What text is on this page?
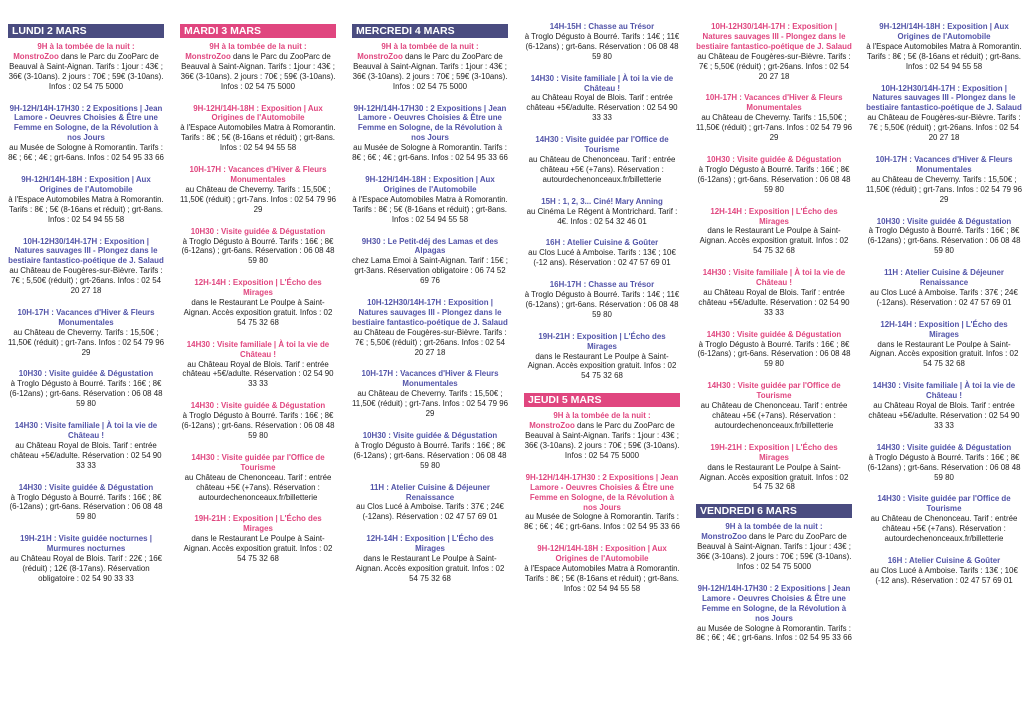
LUNDI 2 MARS
9H à la tombée de la nuit :
MonstroZoo dans le Parc du ZooParc de Beauval à Saint-Aignan. Tarifs : 1jour : 43€ ; 36€ (3-10ans). 2 jours : 70€ ; 59€ (3-10ans). Infos : 02 54 75 5000
9H-12H/14H-17H30 : 2 Expositions | Jean Lamore - Oeuvres Choisies & Être une Femme en Sologne, de la Révolution à nos Jours
au Musée de Sologne à Romorantin. Tarifs : 8€ ; 6€ ; 4€ ; grt-6ans. Infos : 02 54 95 33 66
9H-12H/14H-18H : Exposition | Aux Origines de l'Automobile
à l'Espace Automobiles Matra à Romorantin. Tarifs : 8€ ; 5€ (8-16ans et réduit) ; grt-8ans. Infos : 02 54 94 55 58
10H-12H30/14H-17H : Exposition | Natures sauvages III - Plongez dans le bestiaire fantastico-poétique de J. Salaud
au Château de Fougères-sur-Bièvre. Tarifs : 7€ ; 5,50€ (réduit) ; grt-26ans. Infos : 02 54 20 27 18
10H-17H : Vacances d'Hiver & Fleurs Monumentales
au Château de Cheverny. Tarifs : 15,50€ ; 11,50€ (réduit) ; grt-7ans. Infos : 02 54 79 96 29
10H30 : Visite guidée & Dégustation
à Troglo Dégusto à Bourré. Tarifs : 16€ ; 8€ (6-12ans) ; grt-6ans. Réservation : 06 08 48 59 80
14H30 : Visite familiale | À toi la vie de Château !
au Château Royal de Blois. Tarif : entrée château +5€/adulte. Réservation : 02 54 90 33 33
14H30 : Visite guidée & Dégustation
à Troglo Dégusto à Bourré. Tarifs : 16€ ; 8€ (6-12ans) ; grt-6ans. Réservation : 06 08 48 59 80
19H-21H : Visite guidée nocturnes | Murmures nocturnes
au Château Royal de Blois. Tarif : 22€ ; 16€ (réduit) ; 12€ (8-17ans). Réservation obligatoire : 02 54 90 33 33
MARDI 3 MARS
9H à la tombée de la nuit :
MonstroZoo dans le Parc du ZooParc de Beauval à Saint-Aignan. Tarifs : 1jour : 43€ ; 36€ (3-10ans). 2 jours : 70€ ; 59€ (3-10ans). Infos : 02 54 75 5000
9H-12H/14H-18H : Exposition | Aux Origines de l'Automobile
à l'Espace Automobiles Matra à Romorantin. Tarifs : 8€ ; 5€ (8-16ans et réduit) ; grt-8ans. Infos : 02 54 94 55 58
10H-17H : Vacances d'Hiver & Fleurs Monumentales
au Château de Cheverny. Tarifs : 15,50€ ; 11,50€ (réduit) ; grt-7ans. Infos : 02 54 79 96 29
10H30 : Visite guidée & Dégustation
à Troglo Dégusto à Bourré. Tarifs : 16€ ; 8€ (6-12ans) ; grt-6ans. Réservation : 06 08 48 59 80
12H-14H : Exposition | L'Écho des Mirages
dans le Restaurant Le Poulpe à Saint-Aignan. Accès exposition gratuit. Infos : 02 54 75 32 68
14H30 : Visite familiale | À toi la vie de Château !
au Château Royal de Blois. Tarif : entrée château +5€/adulte. Réservation : 02 54 90 33 33
14H30 : Visite guidée & Dégustation
à Troglo Dégusto à Bourré. Tarifs : 16€ ; 8€ (6-12ans) ; grt-6ans. Réservation : 06 08 48 59 80
14H30 : Visite guidée par l'Office de Tourisme
au Château de Chenonceau. Tarif : entrée château +5€ (+7ans). Réservation : autourdechenonceaux.fr/billetterie
19H-21H : Exposition | L'Écho des Mirages
dans le Restaurant Le Poulpe à Saint-Aignan. Accès exposition gratuit. Infos : 02 54 75 32 68
MERCREDI 4 MARS
9H à la tombée de la nuit :
MonstroZoo dans le Parc du ZooParc de Beauval à Saint-Aignan. Tarifs : 1jour : 43€ ; 36€ (3-10ans). 2 jours : 70€ ; 59€ (3-10ans). Infos : 02 54 75 5000
9H-12H/14H-17H30 : 2 Expositions | Jean Lamore - Oeuvres Choisies & Être une Femme en Sologne, de la Révolution à nos Jours
au Musée de Sologne à Romorantin. Tarifs : 8€ ; 6€ ; 4€ ; grt-6ans. Infos : 02 54 95 33 66
9H-12H/14H-18H : Exposition | Aux Origines de l'Automobile
à l'Espace Automobiles Matra à Romorantin. Tarifs : 8€ ; 5€ (8-16ans et réduit) ; grt-8ans. Infos : 02 54 94 55 58
9H30 : Le Petit-déj des Lamas et des Alpagas
chez Lama Emoi à Saint-Aignan. Tarif : 15€ ; grt-3ans. Réservation obligatoire : 06 74 52 69 76
10H-12H30/14H-17H : Exposition | Natures sauvages III - Plongez dans le bestiaire fantastico-poétique de J. Salaud
au Château de Fougères-sur-Bièvre. Tarifs : 7€ ; 5,50€ (réduit) ; grt-26ans. Infos : 02 54 20 27 18
10H-17H : Vacances d'Hiver & Fleurs Monumentales
au Château de Cheverny. Tarifs : 15,50€ ; 11,50€ (réduit) ; grt-7ans. Infos : 02 54 79 96 29
10H30 : Visite guidée & Dégustation
à Troglo Dégusto à Bourré. Tarifs : 16€ ; 8€ (6-12ans) ; grt-6ans. Réservation : 06 08 48 59 80
11H : Atelier Cuisine & Déjeuner Renaissance
au Clos Lucé à Amboise. Tarifs : 37€ ; 24€ (-12ans). Réservation : 02 47 57 69 01
12H-14H : Exposition | L'Écho des Mirages
dans le Restaurant Le Poulpe à Saint-Aignan. Accès exposition gratuit. Infos : 02 54 75 32 68
14H-15H : Chasse au Trésor
à Troglo Dégusto à Bourré. Tarifs : 14€ ; 11€ (6-12ans) ; grt-6ans. Réservation : 06 08 48 59 80
14H30 : Visite familiale | À toi la vie de Château !
au Château Royal de Blois. Tarif : entrée château +5€/adulte. Réservation : 02 54 90 33 33
14H30 : Visite guidée par l'Office de Tourisme
au Château de Chenonceau. Tarif : entrée château +5€ (+7ans). Réservation : autourdechenonceaux.fr/billetterie
15H : 1, 2, 3... Ciné! Mary Anning
au Cinéma Le Régent à Montrichard. Tarif : 4€. Infos : 02 54 32 46 01
16H : Atelier Cuisine & Goûter
au Clos Lucé à Amboise. Tarifs : 13€ ; 10€ (-12 ans). Réservation : 02 47 57 69 01
16H-17H : Chasse au Trésor
à Troglo Dégusto à Bourré. Tarifs : 14€ ; 11€ (6-12ans) ; grt-6ans. Réservation : 06 08 48 59 80
19H-21H : Exposition | L'Écho des Mirages
dans le Restaurant Le Poulpe à Saint-Aignan. Accès exposition gratuit. Infos : 02 54 75 32 68
JEUDI 5 MARS
9H à la tombée de la nuit :
MonstroZoo dans le Parc du ZooParc de Beauval à Saint-Aignan. Tarifs : 1jour : 43€ ; 36€ (3-10ans). 2 jours : 70€ ; 59€ (3-10ans). Infos : 02 54 75 5000
9H-12H/14H-17H30 : 2 Expositions | Jean Lamore - Oeuvres Choisies & Être une Femme en Sologne, de la Révolution à nos Jours
au Musée de Sologne à Romorantin. Tarifs : 8€ ; 6€ ; 4€ ; grt-6ans. Infos : 02 54 95 33 66
9H-12H/14H-18H : Exposition | Aux Origines de l'Automobile
à l'Espace Automobiles Matra à Romorantin. Tarifs : 8€ ; 5€ (8-16ans et réduit) ; grt-8ans. Infos : 02 54 94 55 58
10H-12H30/14H-17H : Exposition | Natures sauvages III - Plongez dans le bestiaire fantastico-poétique de J. Salaud
au Château de Fougères-sur-Bièvre. Tarifs : 7€ ; 5,50€ (réduit) ; grt-26ans. Infos : 02 54 20 27 18
10H-17H : Vacances d'Hiver & Fleurs Monumentales
au Château de Cheverny. Tarifs : 15,50€ ; 11,50€ (réduit) ; grt-7ans. Infos : 02 54 79 96 29
10H30 : Visite guidée & Dégustation
à Troglo Dégusto à Bourré. Tarifs : 16€ ; 8€ (6-12ans) ; grt-6ans. Réservation : 06 08 48 59 80
12H-14H : Exposition | L'Écho des Mirages
dans le Restaurant Le Poulpe à Saint-Aignan. Accès exposition gratuit. Infos : 02 54 75 32 68
14H30 : Visite familiale | À toi la vie de Château !
au Château Royal de Blois. Tarif : entrée château +5€/adulte. Réservation : 02 54 90 33 33
14H30 : Visite guidée & Dégustation
à Troglo Dégusto à Bourré. Tarifs : 16€ ; 8€ (6-12ans) ; grt-6ans. Réservation : 06 08 48 59 80
14H30 : Visite guidée par l'Office de Tourisme
au Château de Chenonceau. Tarif : entrée château +5€ (+7ans). Réservation : autourdechenonceaux.fr/billetterie
19H-21H : Exposition | L'Écho des Mirages
dans le Restaurant Le Poulpe à Saint-Aignan. Accès exposition gratuit. Infos : 02 54 75 32 68
VENDREDI 6 MARS
9H à la tombée de la nuit :
MonstroZoo dans le Parc du ZooParc de Beauval à Saint-Aignan. Tarifs : 1jour : 43€ ; 36€ (3-10ans). 2 jours : 70€ ; 59€ (3-10ans). Infos : 02 54 75 5000
9H-12H/14H-17H30 : 2 Expositions | Jean Lamore - Oeuvres Choisies & Être une Femme en Sologne, de la Révolution à nos Jours
au Musée de Sologne à Romorantin. Tarifs : 8€ ; 6€ ; 4€ ; grt-6ans. Infos : 02 54 95 33 66
9H-12H/14H-18H : Exposition | Aux Origines de l'Automobile
à l'Espace Automobiles Matra à Romorantin. Tarifs : 8€ ; 5€ (8-16ans et réduit) ; grt-8ans. Infos : 02 54 94 55 58
10H-12H30/14H-17H : Exposition | Natures sauvages III - Plongez dans le bestiaire fantastico-poétique de J. Salaud
au Château de Fougères-sur-Bièvre. Tarifs : 7€ ; 5,50€ (réduit) ; grt-26ans. Infos : 02 54 20 27 18
10H-17H : Vacances d'Hiver & Fleurs Monumentales
au Château de Cheverny. Tarifs : 15,50€ ; 11,50€ (réduit) ; grt-7ans. Infos : 02 54 79 96 29
10H30 : Visite guidée & Dégustation
à Troglo Dégusto à Bourré. Tarifs : 16€ ; 8€ (6-12ans) ; grt-6ans. Réservation : 06 08 48 59 80
11H : Atelier Cuisine & Déjeuner Renaissance
au Clos Lucé à Amboise. Tarifs : 37€ ; 24€ (-12ans). Réservation : 02 47 57 69 01
12H-14H : Exposition | L'Écho des Mirages
dans le Restaurant Le Poulpe à Saint-Aignan. Accès exposition gratuit. Infos : 02 54 75 32 68
14H30 : Visite familiale | À toi la vie de Château !
au Château Royal de Blois. Tarif : entrée château +5€/adulte. Réservation : 02 54 90 33 33
14H30 : Visite guidée & Dégustation
à Troglo Dégusto à Bourré. Tarifs : 16€ ; 8€ (6-12ans) ; grt-6ans. Réservation : 06 08 48 59 80
14H30 : Visite guidée par l'Office de Tourisme
au Château de Chenonceau. Tarif : entrée château +5€ (+7ans). Réservation : autourdechenonceaux.fr/billetterie
16H : Atelier Cuisine & Goûter
au Clos Lucé à Amboise. Tarifs : 13€ ; 10€ (-12 ans). Réservation : 02 47 57 69 01
